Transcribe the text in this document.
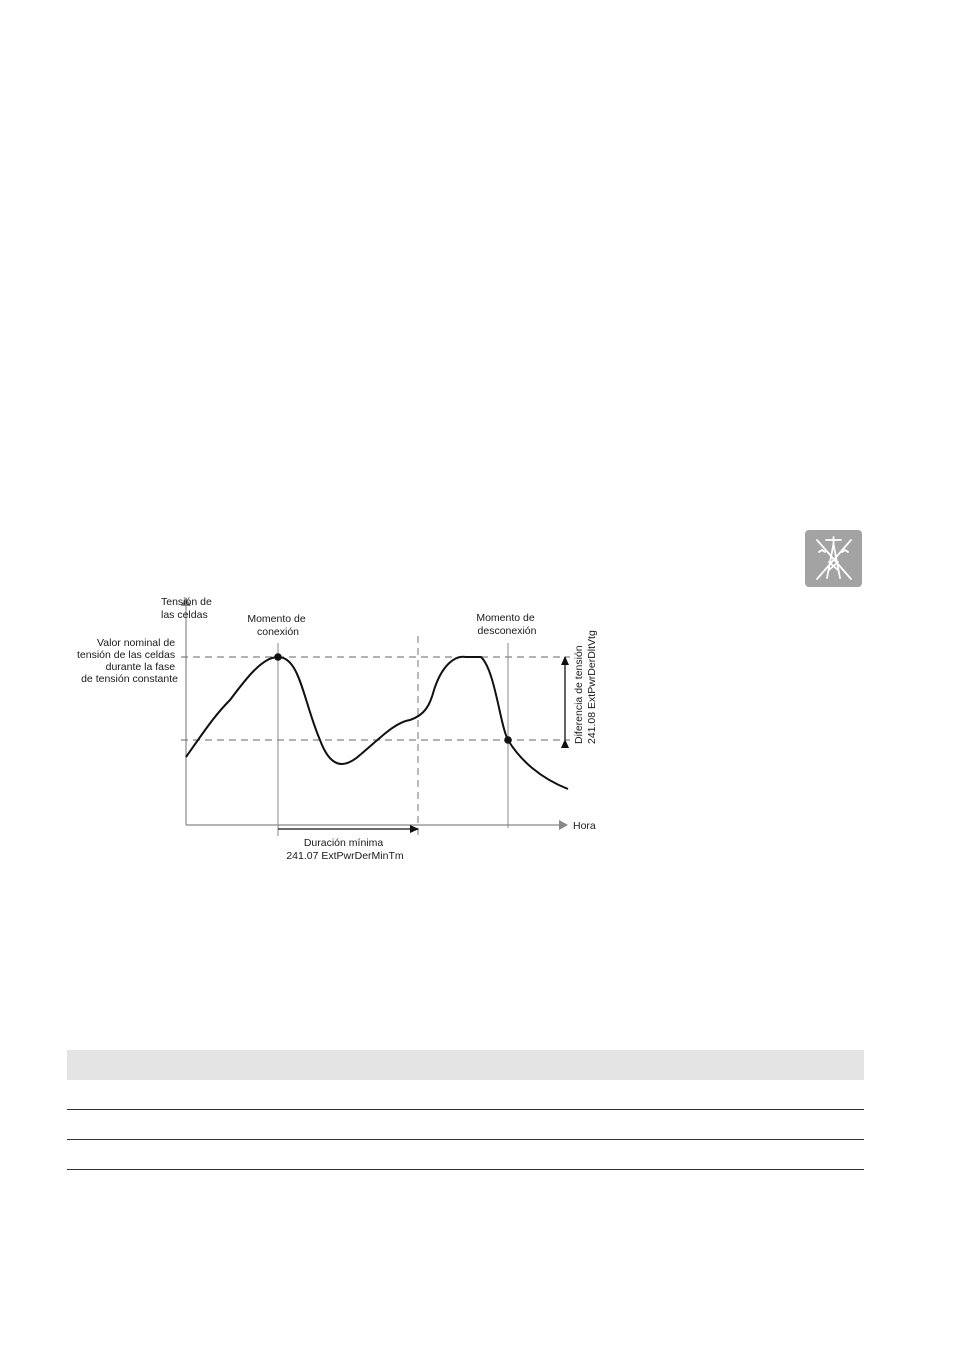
Tensión de las celdas
Valor nominal de tensión de las celdas durante la fase de tensión constante
Momento de conexión
Momento de desconexión
Diferencia de tensión 241.08 ExtPwrDerDltVtg
Hora
Duración mínima 241.07 ExtPwrDerMinTm
